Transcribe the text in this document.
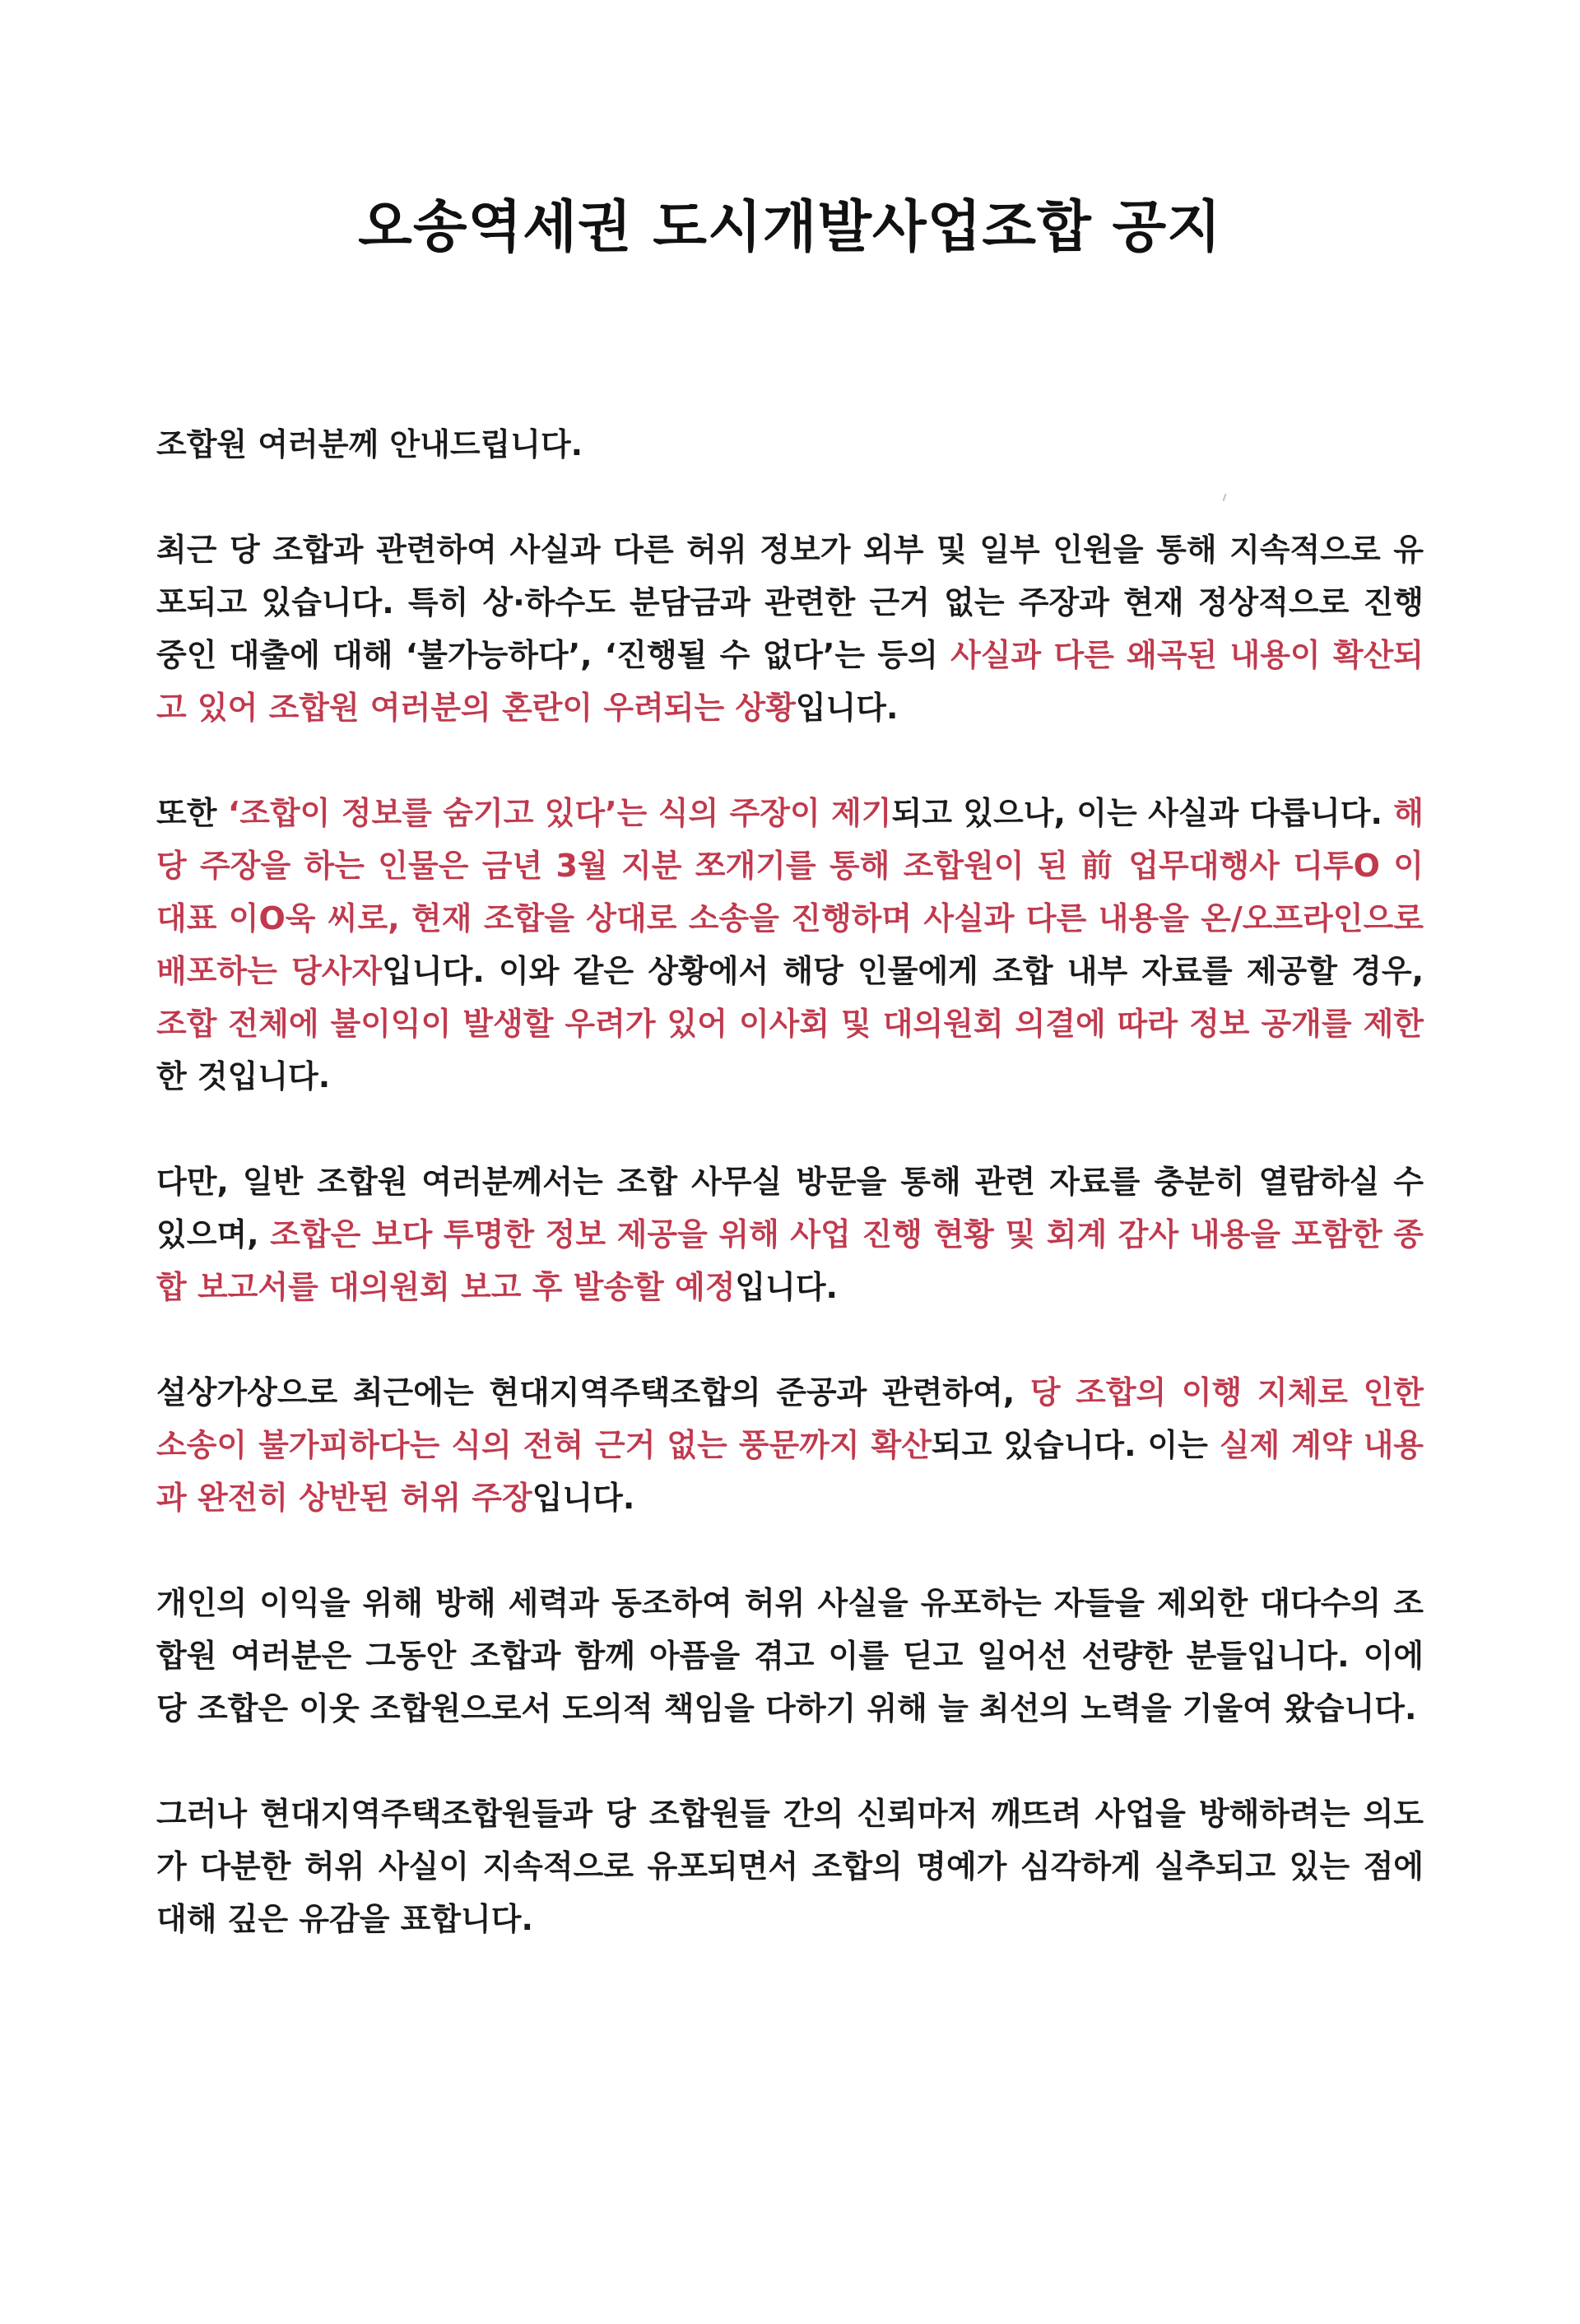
오송역세권 도시개발사업조합 공지

조합원 여러분께 안내드립니다.

최근 당 조합과 관련하여 사실과 다른 허위 정보가 외부 및 일부 인원을 통해 지속적으로 유포되고 있습니다. 특히 상·하수도 분담금과 관련한 근거 없는 주장과 현재 정상적으로 진행 중인 대출에 대해 ‘불가능하다’, ‘진행될 수 없다’는 등의 사실과 다른 왜곡된 내용이 확산되고 있어 조합원 여러분의 혼란이 우려되는 상황입니다.

또한 ‘조합이 정보를 숨기고 있다’는 식의 주장이 제기되고 있으나, 이는 사실과 다릅니다. 해당 주장을 하는 인물은 금년 3월 지분 쪼개기를 통해 조합원이 된 前 업무대행사 디투O 이 대표 이O욱 씨로, 현재 조합을 상대로 소송을 진행하며 사실과 다른 내용을 온/오프라인으로 배포하는 당사자입니다. 이와 같은 상황에서 해당 인물에게 조합 내부 자료를 제공할 경우, 조합 전체에 불이익이 발생할 우려가 있어 이사회 및 대의원회 의결에 따라 정보 공개를 제한한 것입니다.

다만, 일반 조합원 여러분께서는 조합 사무실 방문을 통해 관련 자료를 충분히 열람하실 수 있으며, 조합은 보다 투명한 정보 제공을 위해 사업 진행 현황 및 회계 감사 내용을 포함한 종합 보고서를 대의원회 보고 후 발송할 예정입니다.

설상가상으로 최근에는 현대지역주택조합의 준공과 관련하여, 당 조합의 이행 지체로 인한 소송이 불가피하다는 식의 전혀 근거 없는 풍문까지 확산되고 있습니다. 이는 실제 계약 내용과 완전히 상반된 허위 주장입니다.

개인의 이익을 위해 방해 세력과 동조하여 허위 사실을 유포하는 자들을 제외한 대다수의 조합원 여러분은 그동안 조합과 함께 아픔을 겪고 이를 딛고 일어선 선량한 분들입니다. 이에 당 조합은 이웃 조합원으로서 도의적 책임을 다하기 위해 늘 최선의 노력을 기울여 왔습니다.

그러나 현대지역주택조합원들과 당 조합원들 간의 신뢰마저 깨뜨려 사업을 방해하려는 의도가 다분한 허위 사실이 지속적으로 유포되면서 조합의 명예가 심각하게 실추되고 있는 점에 대해 깊은 유감을 표합니다.
